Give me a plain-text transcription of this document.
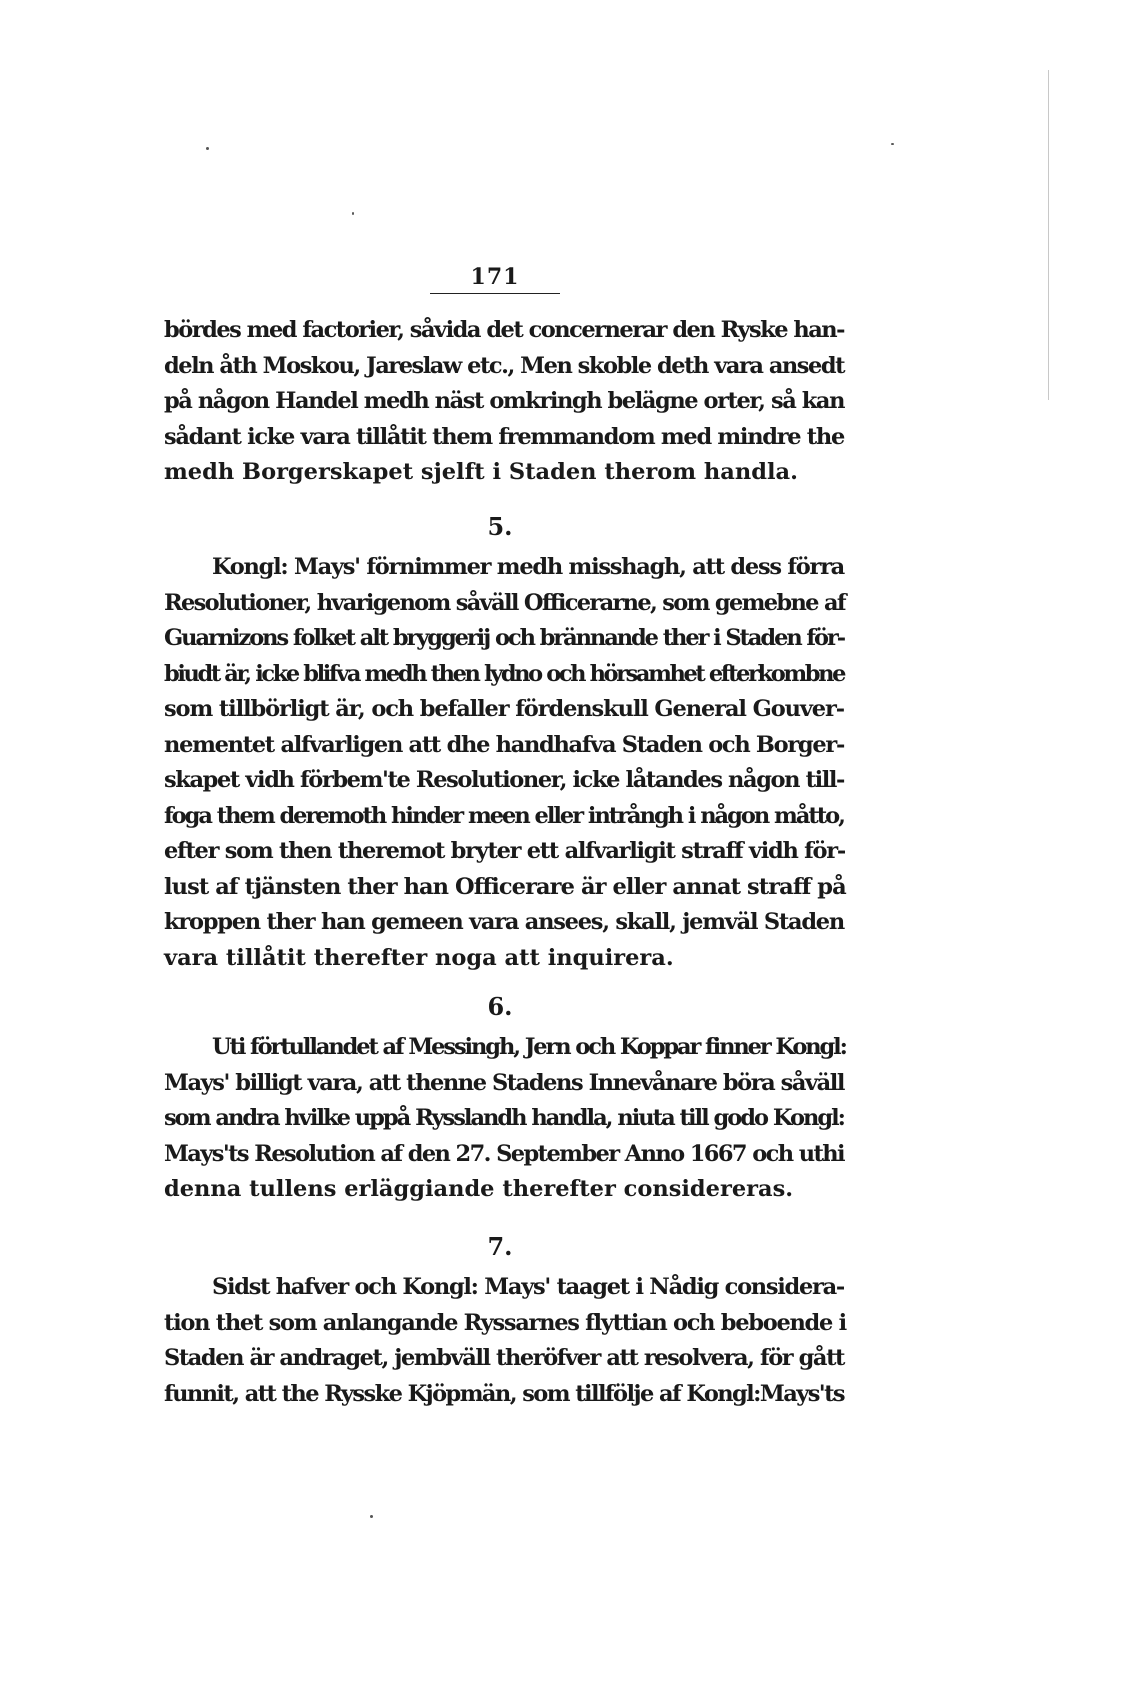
171
bördes med factorier, såvida det concernerar den Ryske han-
deln åth Moskou, Jareslaw etc., Men skoble deth vara ansedt
på någon Handel medh näst omkringh belägne orter, så kan
sådant icke vara tillåtit them fremmandom med mindre the
medh Borgerskapet sjelft i Staden therom handla.
5.
Kongl: Mays' förnimmer medh misshagh, att dess förra
Resolutioner, hvarigenom såväll Officerarne, som gemebne af
Guarnizons folket alt bryggerij och brännande ther i Staden för-
biudt är, icke blifva medh then lydno och hörsamhet efterkombne
som tillbörligt är, och befaller fördenskull General Gouver-
nementet alfvarligen att dhe handhafva Staden och Borger-
skapet vidh förbem'te Resolutioner, icke låtandes någon till-
foga them deremoth hinder meen eller intrångh i någon måtto,
efter som then theremot bryter ett alfvarligit straff vidh för-
lust af tjänsten ther han Officerare är eller annat straff på
kroppen ther han gemeen vara ansees, skall, jemväl Staden
vara tillåtit therefter noga att inquirera.
6.
Uti förtullandet af Messingh, Jern och Koppar finner Kongl:
Mays' billigt vara, att thenne Stadens Innevånare böra såväll
som andra hvilke uppå Rysslandh handla, niuta till godo Kongl:
Mays'ts Resolution af den 27. September Anno 1667 och uthi
denna tullens erläggiande therefter considereras.
7.
Sidst hafver och Kongl: Mays' taaget i Nådig considera-
tion thet som anlangande Ryssarnes flyttian och beboende i
Staden är andraget, jembväll theröfver att resolvera, för gått
funnit, att the Rysske Kjöpmän, som tillfölje af Kongl:Mays'ts
